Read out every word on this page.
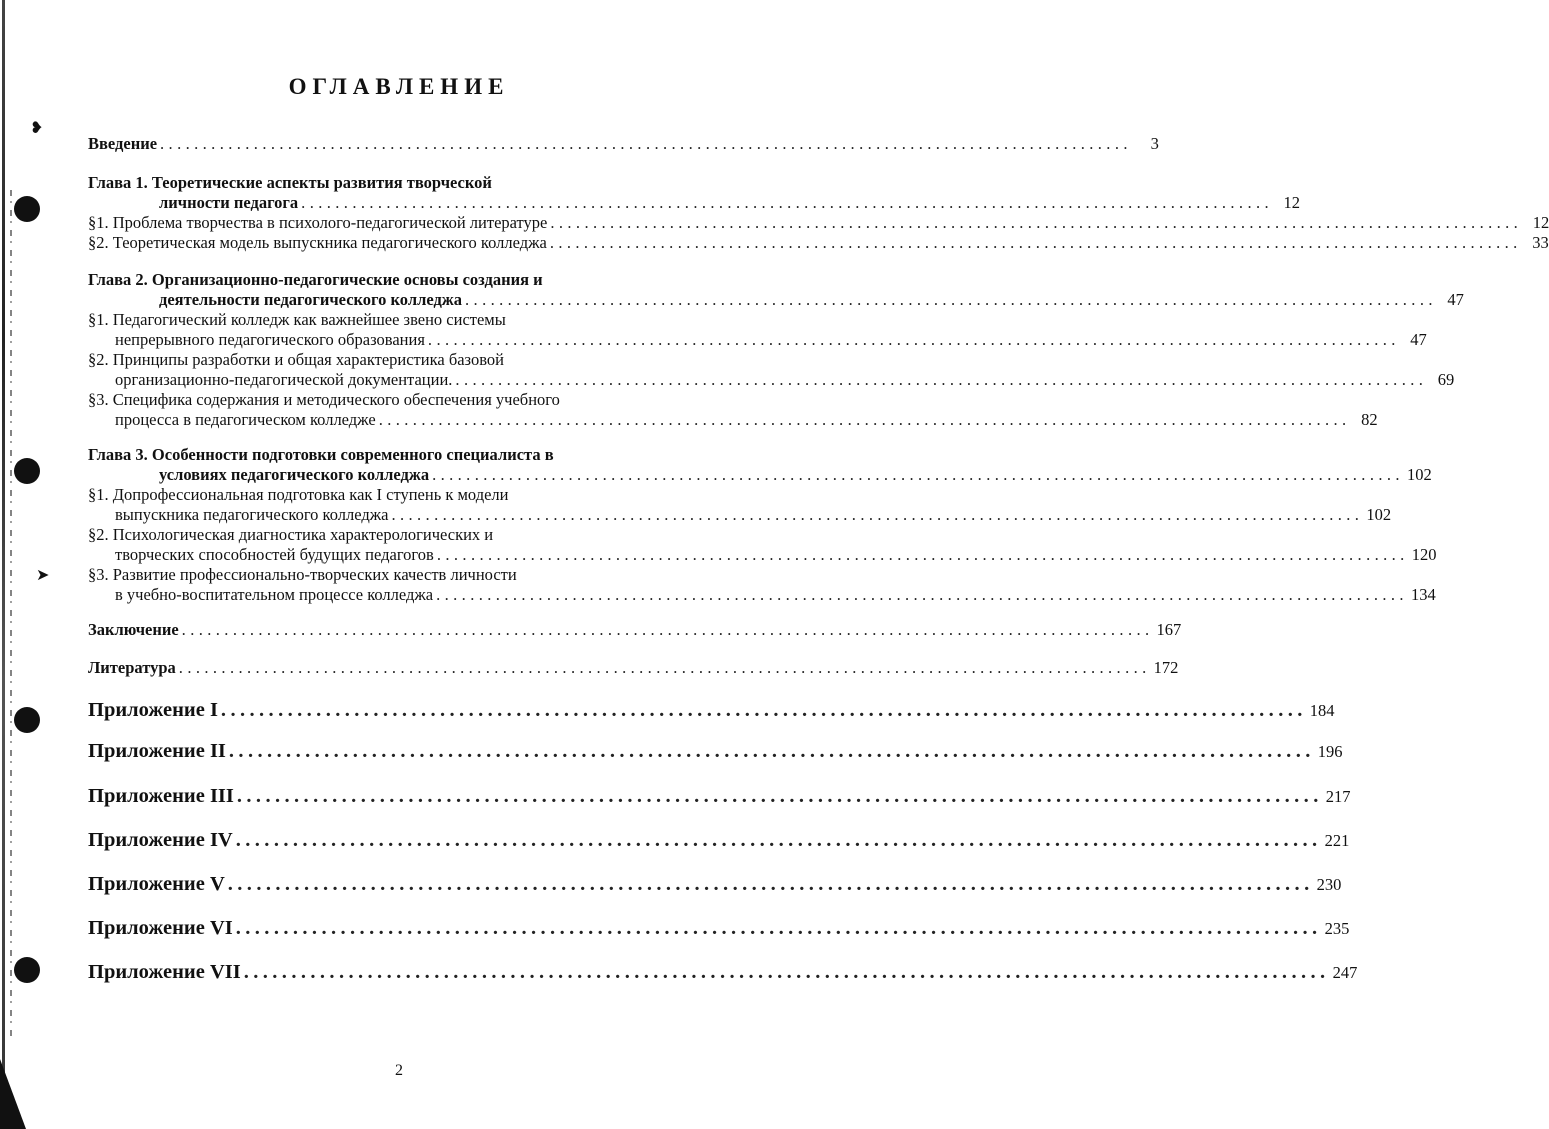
❥
➤
ОГЛАВЛЕНИЕ
Введение ..................................................................................................................	3
Глава 1. Теоретические аспекты развития творческой
личности педагога .................................................................................................................. 12
§1. Проблема творчества в психолого-педагогической литературе .................................................................................................................. 12
§2. Теоретическая модель выпускника педагогического колледжа .................................................................................................................. 33
Глава 2. Организационно-педагогические основы создания и
деятельности педагогического колледжа .................................................................................................................. 47
§1. Педагогический колледж как важнейшее звено системы
непрерывного педагогического образования .................................................................................................................. 47
§2. Принципы разработки и общая характеристика базовой
организационно-педагогической документации. .................................................................................................................. 69
§3. Специфика содержания и методического обеспечения учебного
процесса в педагогическом колледже .................................................................................................................. 82
Глава 3. Особенности подготовки современного специалиста в
условиях педагогического колледжа .................................................................................................................. 102
§1. Допрофессиональная подготовка как I ступень к модели
выпускника педагогического колледжа .................................................................................................................. 102
§2. Психологическая диагностика характерологических и
творческих способностей будущих педагогов .................................................................................................................. 120
§3. Развитие профессионально-творческих качеств личности
в учебно-воспитательном процессе колледжа .................................................................................................................. 134
Заключение .................................................................................................................. 167
Литература .................................................................................................................. 172
Приложение I .................................................................................................................. 184
Приложение II .................................................................................................................. 196
Приложение III .................................................................................................................. 217
Приложение IV .................................................................................................................. 221
Приложение V .................................................................................................................. 230
Приложение VI .................................................................................................................. 235
Приложение VII .................................................................................................................. 247
2
